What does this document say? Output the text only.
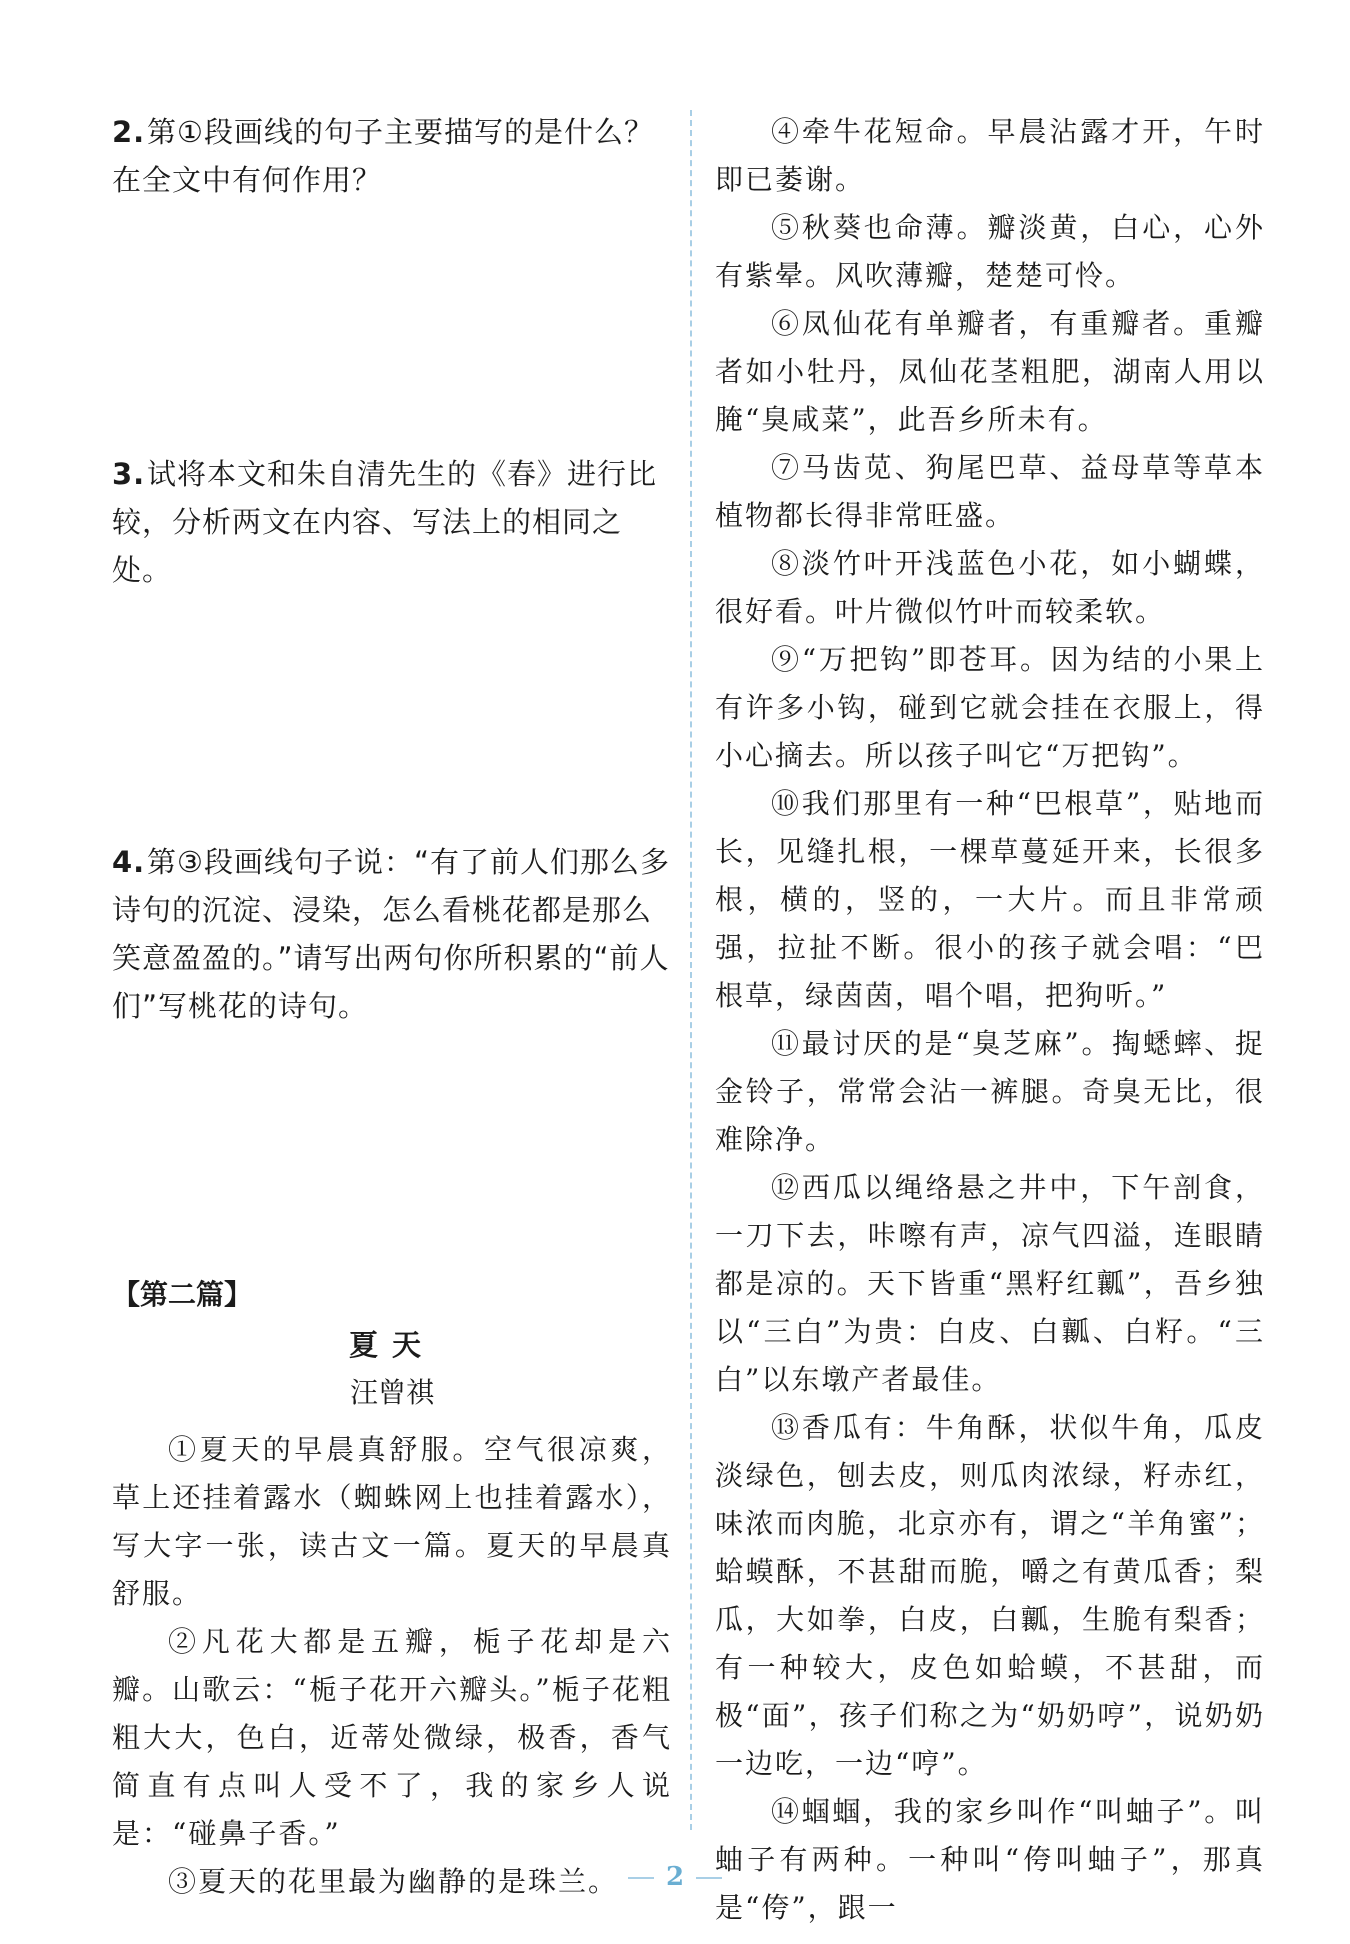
2. 第①段画线的句子主要描写的是什么？在全文中有何作用？
3. 试将本文和朱自清先生的《春》进行比较，分析两文在内容、写法上的相同之处。
4. 第③段画线句子说：“有了前人们那么多诗句的沉淀、浸染，怎么看桃花都是那么笑意盈盈的。”请写出两句你所积累的“前人们”写桃花的诗句。
【第二篇】
夏天
汪曾祺

①夏天的早晨真舒服。空气很凉爽，草上还挂着露水（蜘蛛网上也挂着露水），写大字一张，读古文一篇。夏天的早晨真舒服。

②凡花大都是五瓣，栀子花却是六瓣。山歌云：“栀子花开六瓣头。”栀子花粗粗大大，色白，近蒂处微绿，极香，香气简直有点叫人受不了，我的家乡人说是：“碰鼻子香。”

③夏天的花里最为幽静的是珠兰。

④牵牛花短命。早晨沾露才开，午时即已萎谢。

⑤秋葵也命薄。瓣淡黄，白心，心外有紫晕。风吹薄瓣，楚楚可怜。

⑥凤仙花有单瓣者，有重瓣者。重瓣者如小牡丹，凤仙花茎粗肥，湖南人用以腌“臭咸菜”，此吾乡所未有。

⑦马齿苋、狗尾巴草、益母草等草本植物都长得非常旺盛。

⑧淡竹叶开浅蓝色小花，如小蝴蝶，很好看。叶片微似竹叶而较柔软。

⑨“万把钩”即苍耳。因为结的小果上有许多小钩，碰到它就会挂在衣服上，得小心摘去。所以孩子叫它“万把钩”。

⑩我们那里有一种“巴根草”，贴地而长，见缝扎根，一棵草蔓延开来，长很多根，横的，竖的，一大片。而且非常顽强，拉扯不断。很小的孩子就会唱：“巴根草，绿茵茵，唱个唱，把狗听。”

⑪最讨厌的是“臭芝麻”。掏蟋蟀、捉金铃子，常常会沾一裤腿。奇臭无比，很难除净。

⑫西瓜以绳络悬之井中，下午剖食，一刀下去，咔嚓有声，凉气四溢，连眼睛都是凉的。天下皆重“黑籽红瓤”，吾乡独以“三白”为贵：白皮、白瓤、白籽。“三白”以东墩产者最佳。

⑬香瓜有：牛角酥，状似牛角，瓜皮淡绿色，刨去皮，则瓜肉浓绿，籽赤红，味浓而肉脆，北京亦有，谓之“羊角蜜”；蛤蟆酥，不甚甜而脆，嚼之有黄瓜香；梨瓜，大如拳，白皮，白瓤，生脆有梨香；有一种较大，皮色如蛤蟆，不甚甜，而极“面”，孩子们称之为“奶奶哼”，说奶奶一边吃，一边“哼”。

⑭蝈蝈，我的家乡叫作“叫蚰子”。叫蚰子有两种。一种叫“侉叫蚰子”，那真是“侉”，跟一

2
